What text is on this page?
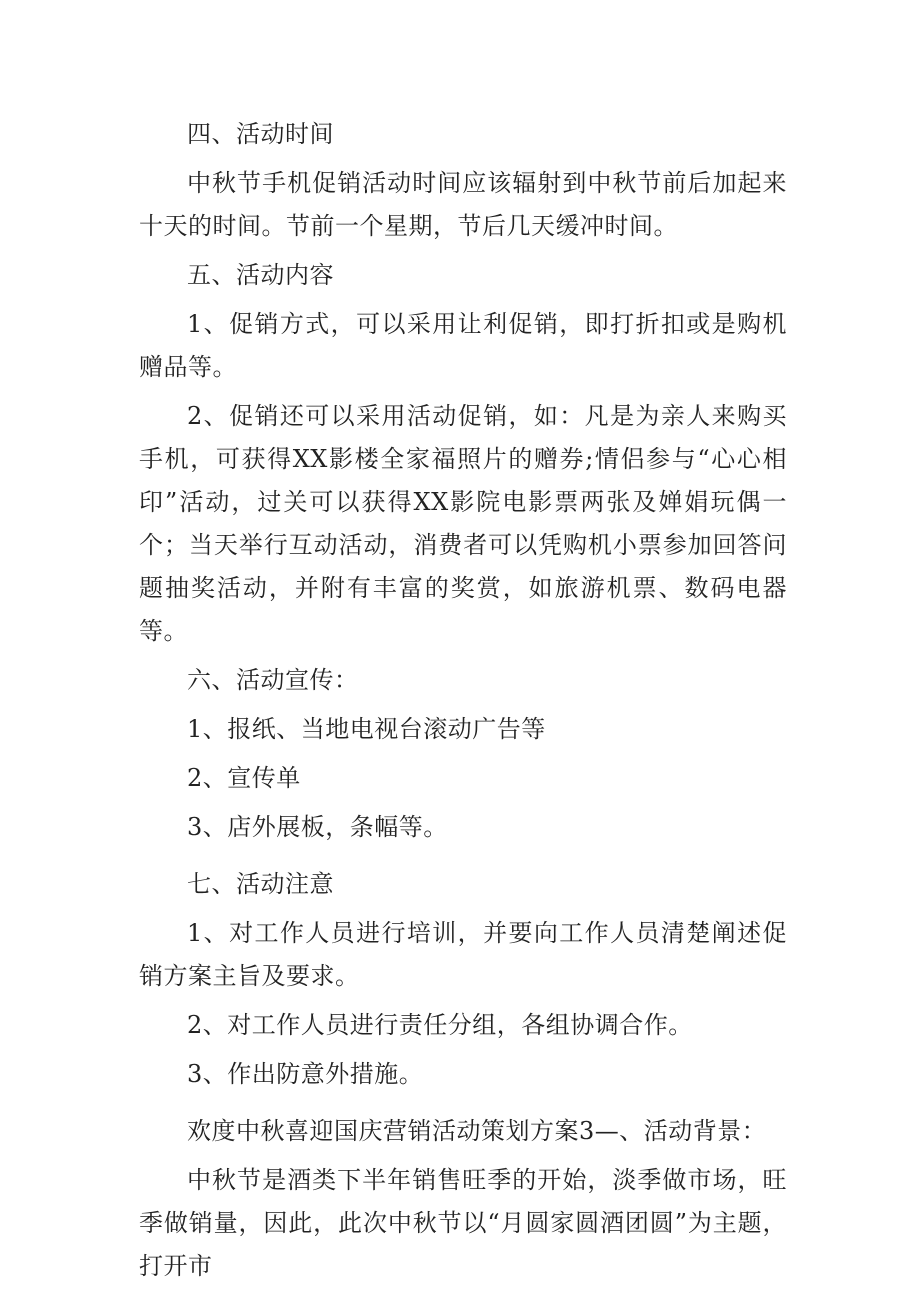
四、活动时间

中秋节手机促销活动时间应该辐射到中秋节前后加起来十天的时间。节前一个星期，节后几天缓冲时间。

五、活动内容

1、促销方式，可以采用让利促销，即打折扣或是购机赠品等。

2、促销还可以采用活动促销，如：凡是为亲人来购买手机，可获得XX影楼全家福照片的赠券;情侣参与“心心相印”活动，过关可以获得XX影院电影票两张及婵娟玩偶一个；当天举行互动活动，消费者可以凭购机小票参加回答问题抽奖活动，并附有丰富的奖赏，如旅游机票、数码电器等。

六、活动宣传：

1、报纸、当地电视台滚动广告等

2、宣传单

3、店外展板，条幅等。

七、活动注意

1、对工作人员进行培训，并要向工作人员清楚阐述促销方案主旨及要求。

2、对工作人员进行责任分组，各组协调合作。

3、作出防意外措施。

欢度中秋喜迎国庆营销活动策划方案3—、活动背景：

中秋节是酒类下半年销售旺季的开始，淡季做市场，旺季做销量，因此，此次中秋节以“月圆家圆酒团圆”为主题，打开市
